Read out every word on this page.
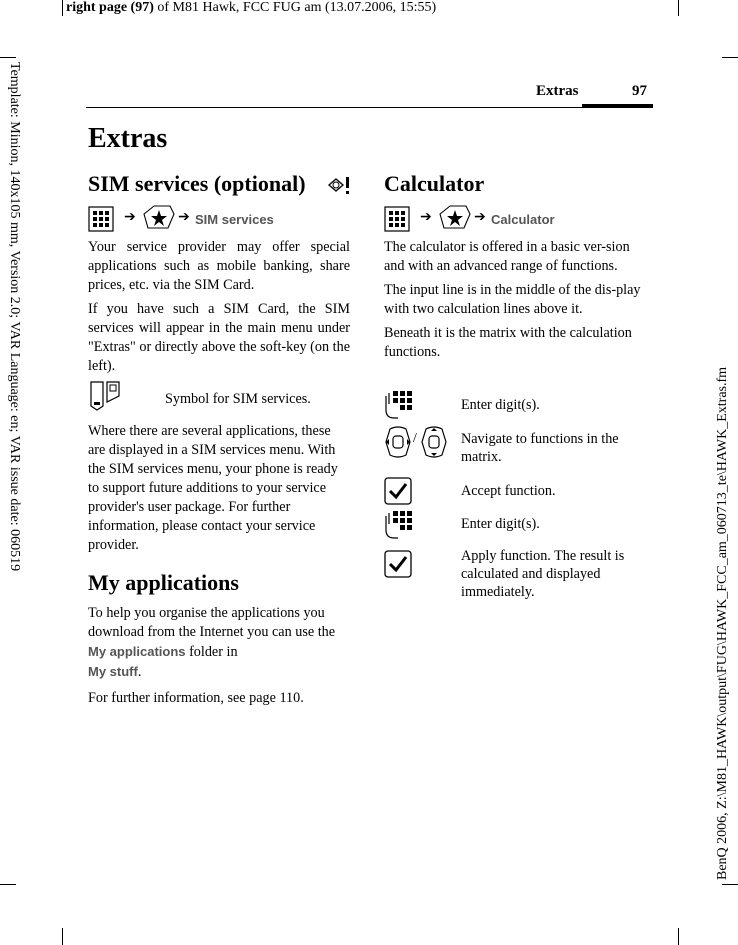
right page (97) of M81 Hawk, FCC FUG am (13.07.2006, 15:55)
Template: Minion, 140x105 mm, Version 2.0; VAR Language: en; VAR issue date: 060519
BenQ 2006, Z:\M81_HAWK\output\FUG\HAWK_FCC_am_060713_te\HAWK_Extras.fm
Extras	97
Extras
SIM services (optional)
➔	➔ SIM services

Your service provider may offer special applications such as mobile banking, share prices, etc. via the SIM Card.

If you have such a SIM Card, the SIM services will appear in the main menu under "Extras" or directly above the soft-key (on the left).

Symbol for SIM services.

Where there are several applications, these are displayed in a SIM services menu. With the SIM services menu, your phone is ready to support future additions to your service provider's user package. For further information, please contact your service provider.

My applications

To help you organise the applications you download from the Internet you can use the My applications folder in
My stuff.

For further information, see page 110.

Calculator
➔	➔ Calculator

The calculator is offered in a basic ver-sion and with an advanced range of functions.

The input line is in the middle of the dis-play with two calculation lines above it.

Beneath it is the matrix with the calculation functions.

Enter digit(s).
/	Navigate to functions in the matrix.
Accept function.
Enter digit(s).
Apply function. The result is calculated and displayed immediately.
